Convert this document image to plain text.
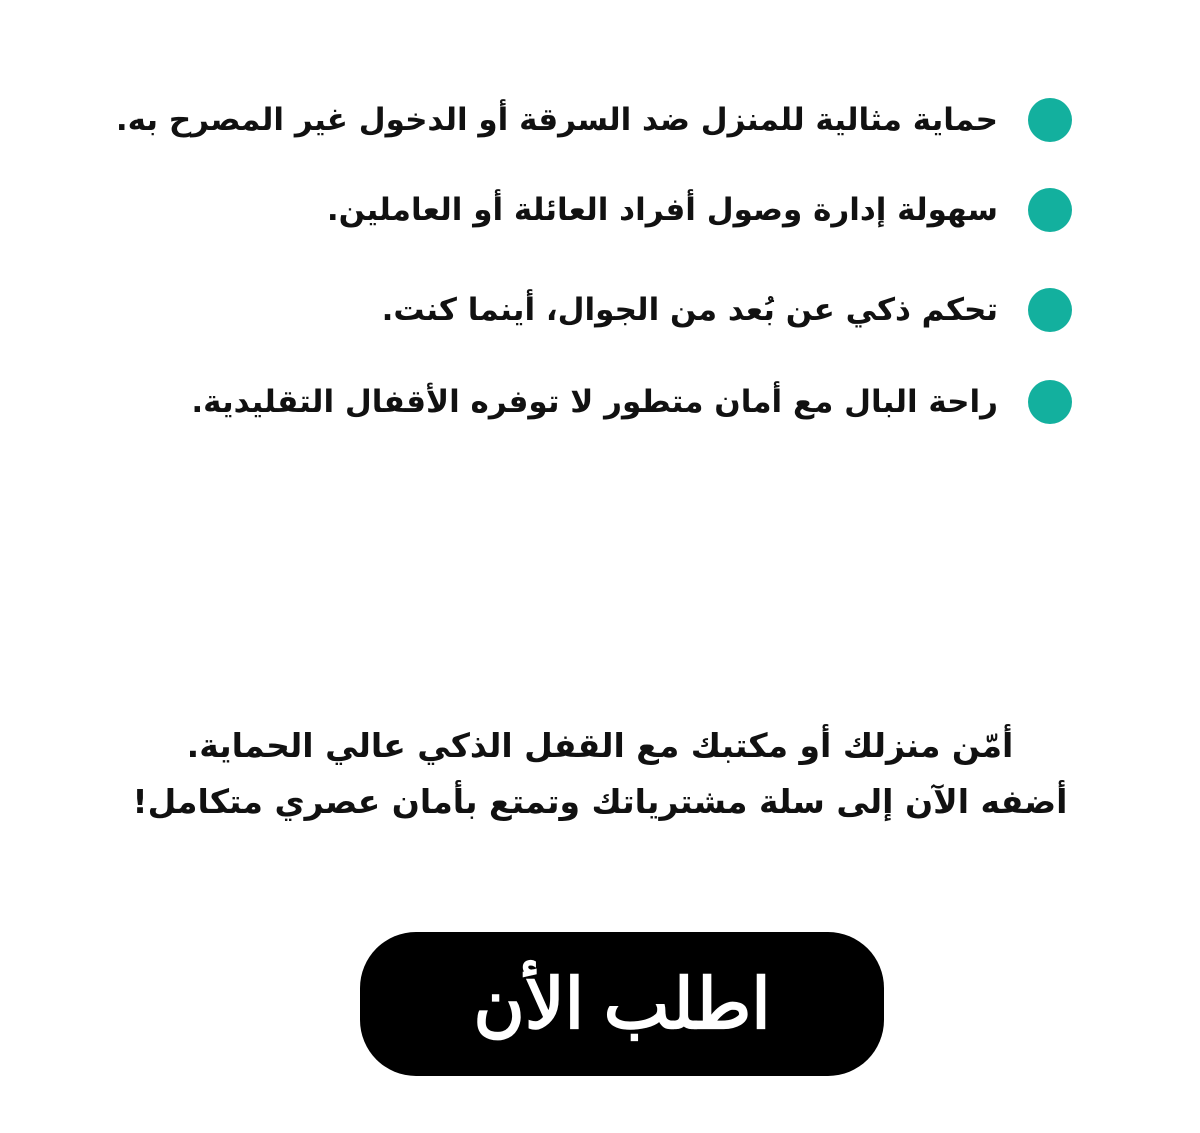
حماية مثالية للمنزل ضد السرقة أو الدخول غير المصرح به.
سهولة إدارة وصول أفراد العائلة أو العاملين.
تحكم ذكي عن بُعد من الجوال، أينما كنت.
راحة البال مع أمان متطور لا توفره الأقفال التقليدية.
أمّن منزلك أو مكتبك مع القفل الذكي عالي الحماية.
أضفه الآن إلى سلة مشترياتك وتمتع بأمان عصري متكامل!
اطلب الأن
